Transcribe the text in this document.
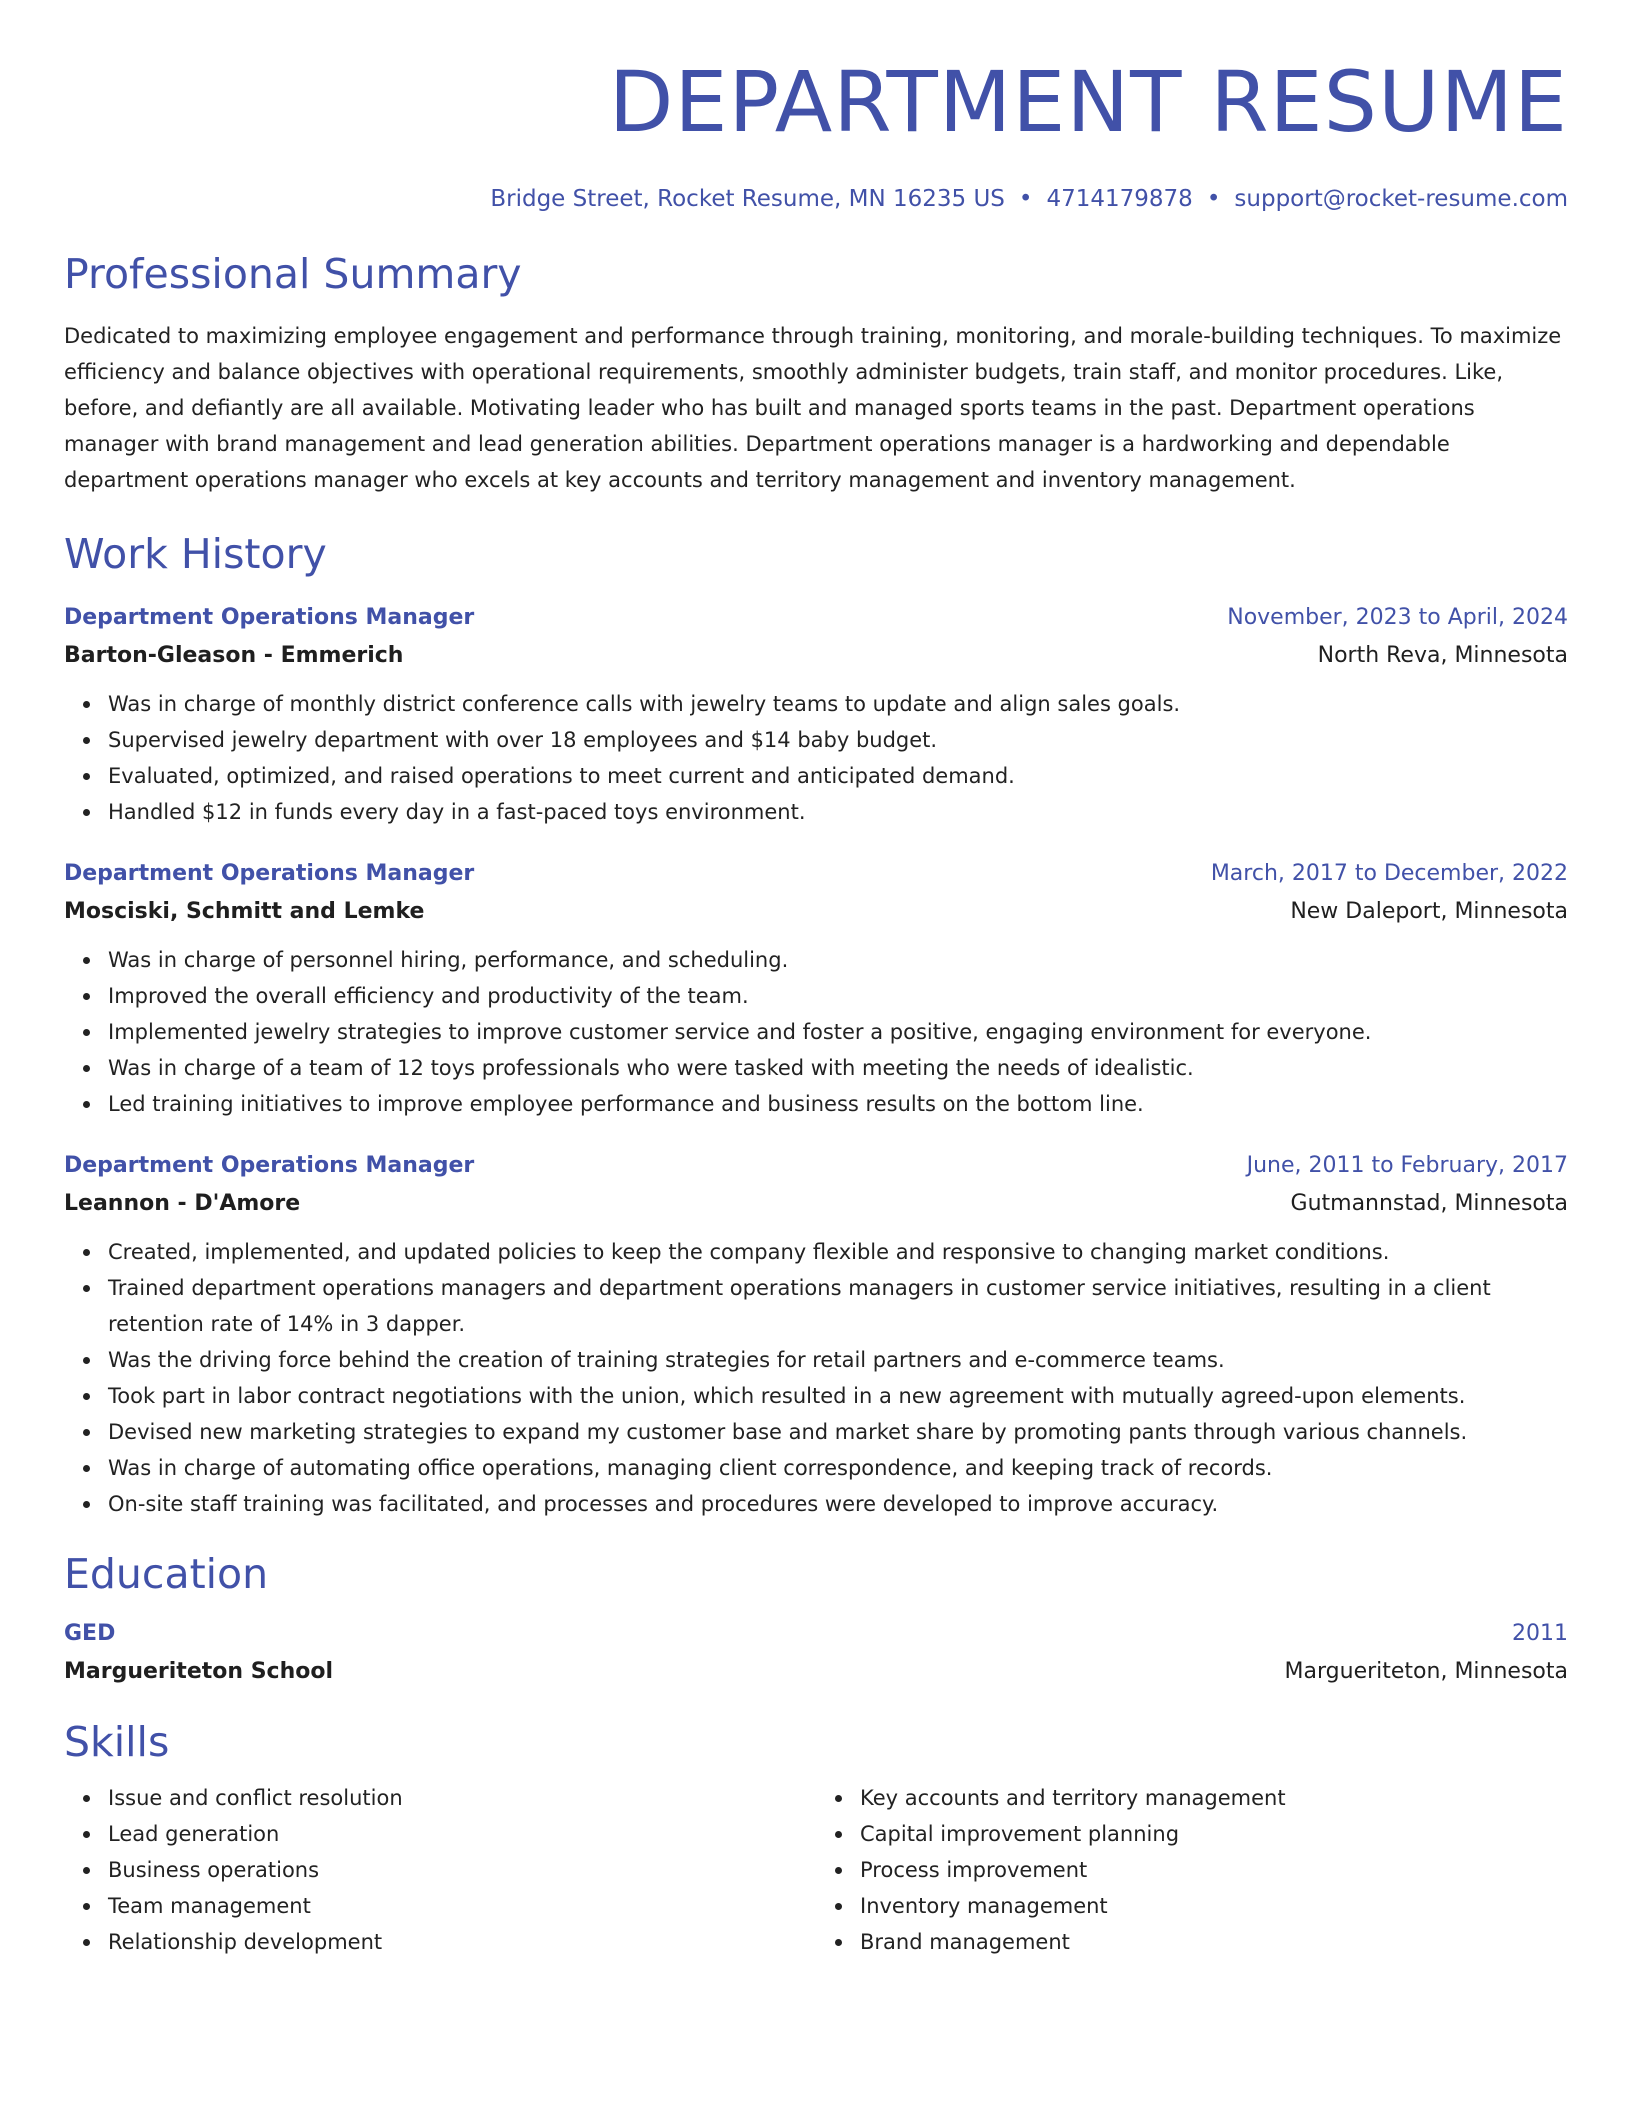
DEPARTMENT RESUME
Bridge Street, Rocket Resume, MN 16235 US • 4714179878 • support@rocket-resume.com
Professional Summary
Dedicated to maximizing employee engagement and performance through training, monitoring, and morale-building techniques. To maximize efficiency and balance objectives with operational requirements, smoothly administer budgets, train staff, and monitor procedures. Like, before, and defiantly are all available. Motivating leader who has built and managed sports teams in the past. Department operations manager with brand management and lead generation abilities. Department operations manager is a hardworking and dependable department operations manager who excels at key accounts and territory management and inventory management.
Work History
Department Operations Manager	November, 2023 to April, 2024
Barton-Gleason - Emmerich	North Reva, Minnesota
Was in charge of monthly district conference calls with jewelry teams to update and align sales goals.
Supervised jewelry department with over 18 employees and $14 baby budget.
Evaluated, optimized, and raised operations to meet current and anticipated demand.
Handled $12 in funds every day in a fast-paced toys environment.
Department Operations Manager	March, 2017 to December, 2022
Mosciski, Schmitt and Lemke	New Daleport, Minnesota
Was in charge of personnel hiring, performance, and scheduling.
Improved the overall efficiency and productivity of the team.
Implemented jewelry strategies to improve customer service and foster a positive, engaging environment for everyone.
Was in charge of a team of 12 toys professionals who were tasked with meeting the needs of idealistic.
Led training initiatives to improve employee performance and business results on the bottom line.
Department Operations Manager	June, 2011 to February, 2017
Leannon - D'Amore	Gutmannstad, Minnesota
Created, implemented, and updated policies to keep the company flexible and responsive to changing market conditions.
Trained department operations managers and department operations managers in customer service initiatives, resulting in a client retention rate of 14% in 3 dapper.
Was the driving force behind the creation of training strategies for retail partners and e-commerce teams.
Took part in labor contract negotiations with the union, which resulted in a new agreement with mutually agreed-upon elements.
Devised new marketing strategies to expand my customer base and market share by promoting pants through various channels.
Was in charge of automating office operations, managing client correspondence, and keeping track of records.
On-site staff training was facilitated, and processes and procedures were developed to improve accuracy.
Education
GED	2011
Margueriteton School	Margueriteton, Minnesota
Skills
Issue and conflict resolution
Lead generation
Business operations
Team management
Relationship development
Key accounts and territory management
Capital improvement planning
Process improvement
Inventory management
Brand management
